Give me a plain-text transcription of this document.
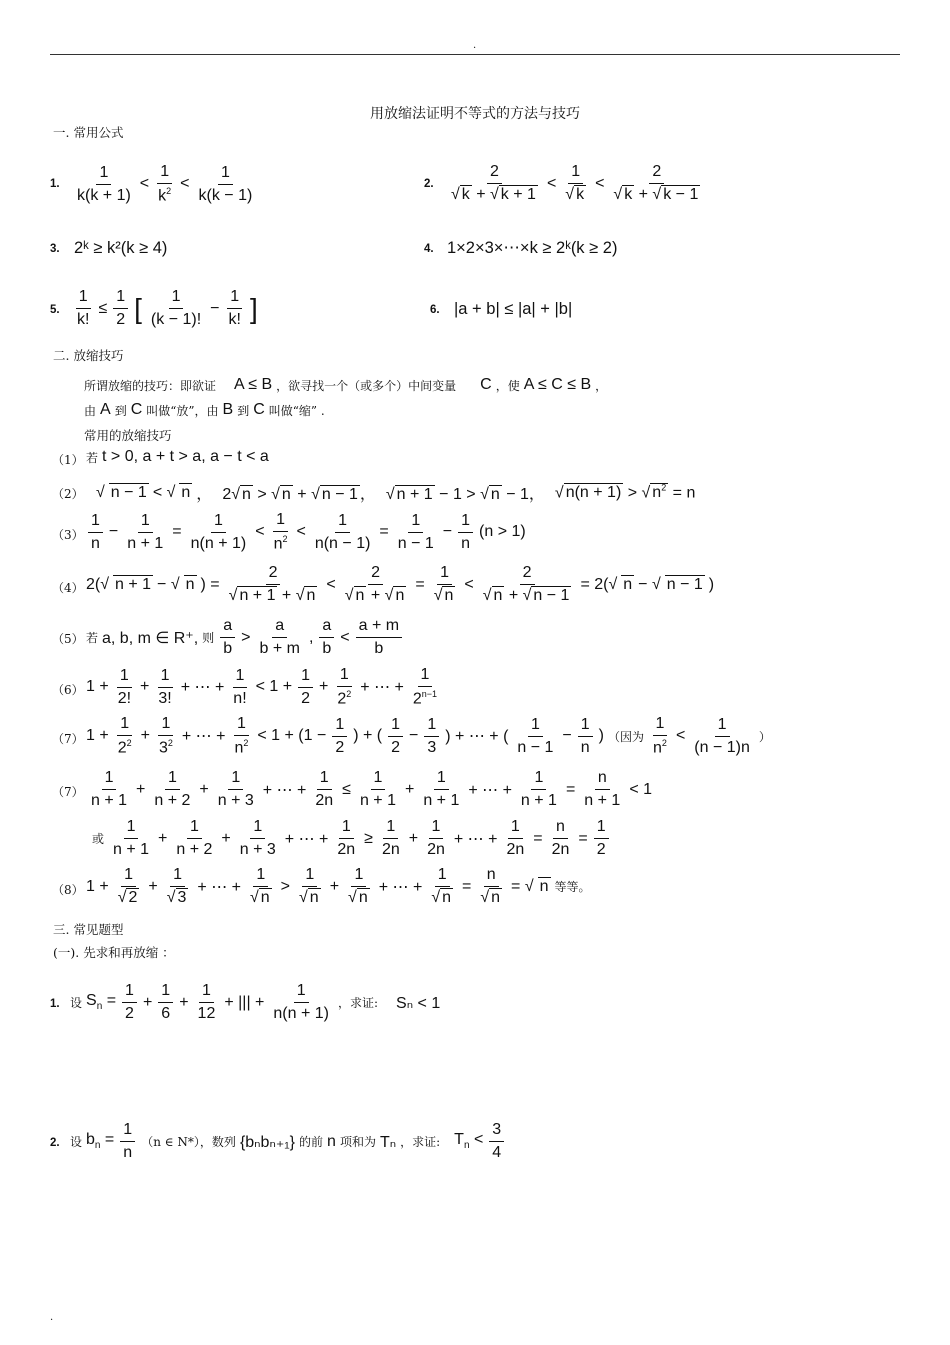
.
用放缩法证明不等式的方法与技巧
一. 常用公式
1.
1
k(k + 1)
<
1
$k^2$ <
1
k(k − 1)
2.
2
√ k + √ k + 1
<
1
√ k
<
2
√ k + √ k − 1
3. 2ᵏ ≥ k²(k ≥ 4)	4. 1×2×3×⋯×k ≥ 2ᵏ(k ≥ 2)
5.
1
k!
≤
1
2 [ 1
(k − 1)!
−
1
k! ]	6. |a + b| ≤ |a| + |b|
二. 放缩技巧
所谓放缩的技巧：即欲证 A ≤ B ，欲寻找一个（或多个）中间变量 C ，使 A ≤ C ≤ B ，
由 A 到 C 叫做“放”，由 B 到 C 叫做“缩” .
常用的放缩技巧
（1） 若 t > 0, a + t > a, a − t < a
（2） √ n − 1 < √ n ， 2√ n > √ n + √ n − 1 ， √ n + 1 − 1 > √ n − 1， √ n(n + 1) > √ $n^2 = n$
（3）
1
n
−
1
n + 1
=
1
n(n + 1)
<
1
$n^2$ <
1
n(n − 1)
=
1
n − 1
−
1
n
(n > 1)
（4） 2(√ n + 1 − √ n ) =
2
√ n + 1 + √ n
<
2
√ n + √ n
=
1
√ n
<
2
√ n + √ n − 1
= 2(√ n − √ n − 1 )
（5） 若 a, b, m ∈ R⁺, 则
a
b
>
a
b + m
,
a
b
<
a + m
b
（6） 1 +
1
2!
+
1
3!
+ ⋯ +
1
n!
< 1 +
1
2
+
1
$2^2$ + ⋯ +
1
$2^{n-1}$
（7） 1 +
1
$2^2$ +
1
$3^2$ + ⋯ +
1
$n^2 < 1 + (1$ −
1
2
) + (
1
2
−
1
3
) + ⋯ + (
1
n − 1
−
1
n
) （因为
1
$n^2$ <
1
(n − 1)n
）
（7）
1
n + 1
+
1
n + 2
+
1
n + 3
+ ⋯ +
1
2n
≤
1
n + 1
+
1
n + 1
+ ⋯ +
1
n + 1
=
n
n + 1
< 1
或
1
n + 1
+
1
n + 2
+
1
n + 3
+ ⋯ +
1
2n
≥
1
2n
+
1
2n
+ ⋯ +
1
2n
=
n
2n
=
1
2
（8） 1 +
1
√ 2
+
1
√ 3
+ ⋯ +
1
√ n
>
1
√ n
+
1
√ n
+ ⋯ +
1
√ n
=
n
√ n
= √ n 等等。
三. 常见题型
(一). 先求和再放缩 ：
1. 设 $S_n = \frac{1}{2}$ +
1
6
+
1
12
+ ||| +
1
n(n + 1)
，求证: Sₙ < 1
2. 设 $b_n = \frac{1}{n} (n$ ∈ N*），数列 {bₙbₙ₊₁} 的前 n 项和为 Tₙ ，求证: $T_n$ <
3
4
.
